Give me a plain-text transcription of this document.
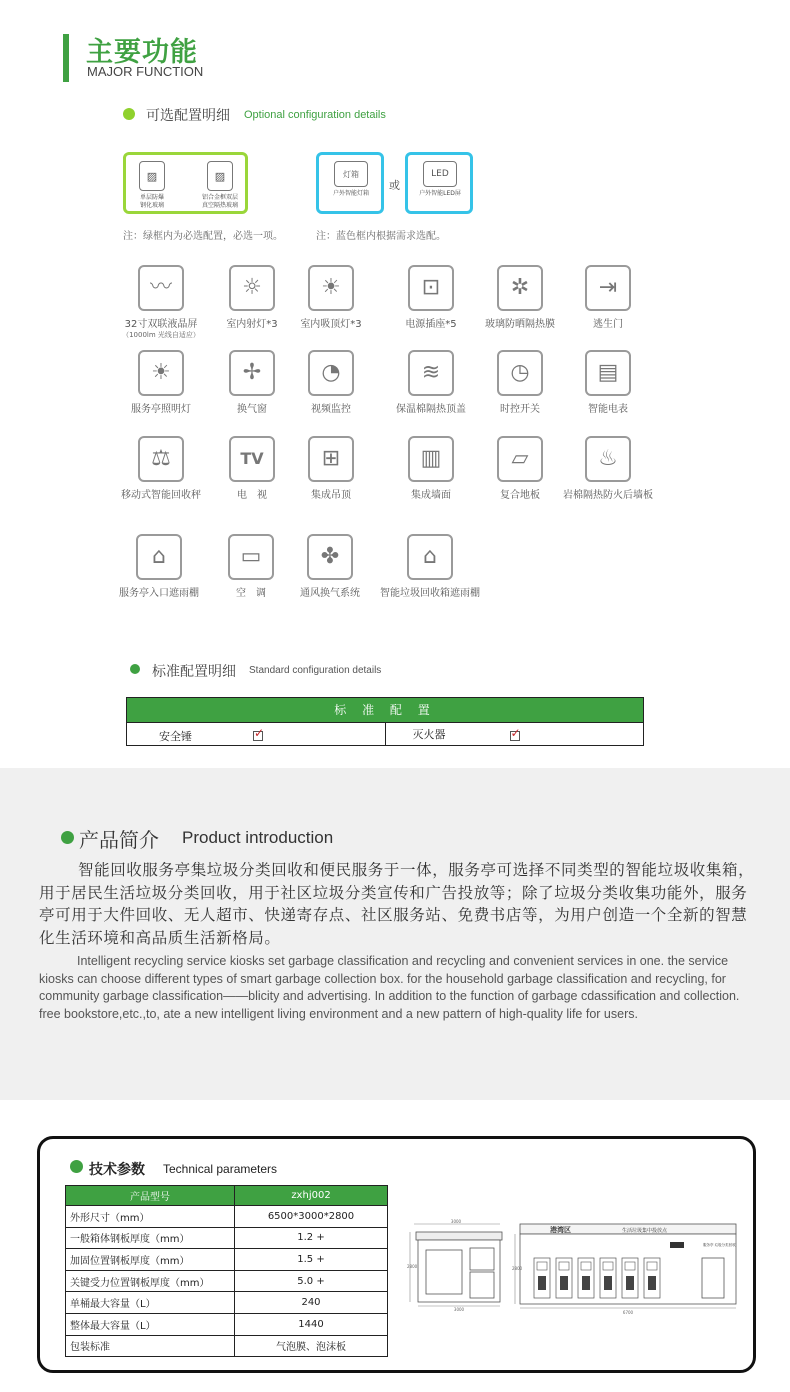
主要功能
MAJOR FUNCTION
可选配置明细 Optional configuration details
▨
单层防爆
钢化玻璃
▨
铝合金框双层
真空隔热玻璃
灯箱
户外智能灯箱
或
LED
户外智能LED屏
注：绿框内为必选配置，必选一项。	注：蓝色框内根据需求选配。
〰
32寸双联液晶屏
（1000lm 光线自适应）
☼
室内射灯*3
☀
室内吸顶灯*3
⊡
电源插座*5
✲
玻璃防晒隔热膜
⇥
逃生门
☀
服务亭照明灯
✢
换气窗
◔
视频监控
≋
保温棉隔热顶盖
◷
时控开关
▤
智能电表
⚖
移动式智能回收秤
TV
电　视
⊞
集成吊顶
▥
集成墙面
▱
复合地板
♨
岩棉隔热防火后墙板
⌂
服务亭入口遮雨棚
▭
空　调
✤
通风换气系统
⌂
智能垃圾回收箱遮雨棚
标准配置明细 Standard configuration details
标 准 配 置
安全锤	✓	灭火器	✓
产品简介 Product introduction
智能回收服务亭集垃圾分类回收和便民服务于一体，服务亭可选择不同类型的智能垃圾收集箱，用于居民生活垃圾分类回收，用于社区垃圾分类宣传和广告投放等；除了垃圾分类收集功能外，服务亭可用于大件回收、无人超市、快递寄存点、社区服务站、免费书店等，为用户创造一个全新的智慧化生活环境和高品质生活新格局。
Intelligent recycling service kiosks set garbage classification and recycling and convenient services in one. the service kiosks can choose different types of smart garbage collection box. for the household garbage classification and recycling, for community garbage classification——blicity and advertising. In addition to the function of garbage cdassification and collection. free bookstore,etc.,to, ate a new intelligent living environment and a new pattern of high-quality life for users.
技术参数 Technical parameters
产品型号	zxhj002
外形尺寸（mm）	6500*3000*2800
一般箱体钢板厚度（mm）	1.2 +
加固位置钢板厚度（mm）	1.5 +
关键受力位置钢板厚度（mm）	5.0 +
单桶最大容量（L）	240
整体最大容量（L）	1440
包装标准	气泡膜、泡沫板
3000
2800
3000
港湾区	生活垃圾集中投放点
服务亭 垃圾分类回收
2800
6700
